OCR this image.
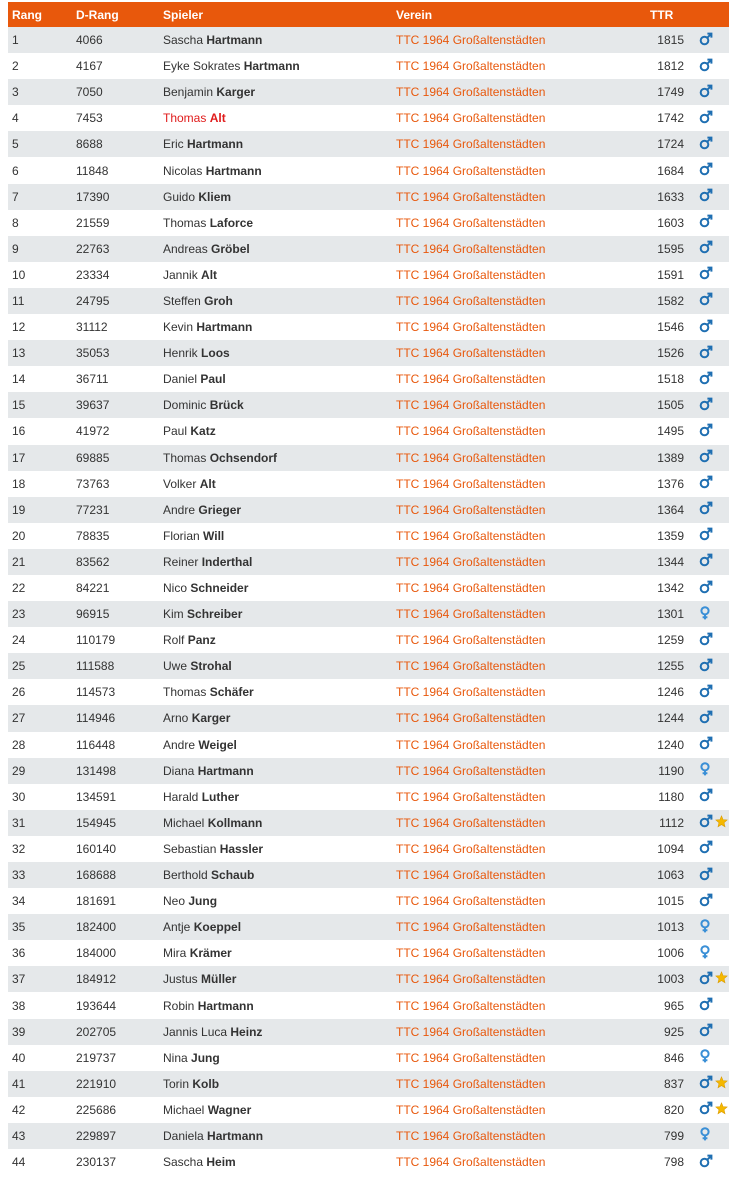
Rang	D-Rang	Spieler	Verein	TTR	
1	4066	Sascha Hartmann	TTC 1964 Großaltenstädten	1815	
2	4167	Eyke Sokrates Hartmann	TTC 1964 Großaltenstädten	1812	
3	7050	Benjamin Karger	TTC 1964 Großaltenstädten	1749	
4	7453	Thomas Alt	TTC 1964 Großaltenstädten	1742	
5	8688	Eric Hartmann	TTC 1964 Großaltenstädten	1724	
6	11848	Nicolas Hartmann	TTC 1964 Großaltenstädten	1684	
7	17390	Guido Kliem	TTC 1964 Großaltenstädten	1633	
8	21559	Thomas Laforce	TTC 1964 Großaltenstädten	1603	
9	22763	Andreas Gröbel	TTC 1964 Großaltenstädten	1595	
10	23334	Jannik Alt	TTC 1964 Großaltenstädten	1591	
11	24795	Steffen Groh	TTC 1964 Großaltenstädten	1582	
12	31112	Kevin Hartmann	TTC 1964 Großaltenstädten	1546	
13	35053	Henrik Loos	TTC 1964 Großaltenstädten	1526	
14	36711	Daniel Paul	TTC 1964 Großaltenstädten	1518	
15	39637	Dominic Brück	TTC 1964 Großaltenstädten	1505	
16	41972	Paul Katz	TTC 1964 Großaltenstädten	1495	
17	69885	Thomas Ochsendorf	TTC 1964 Großaltenstädten	1389	
18	73763	Volker Alt	TTC 1964 Großaltenstädten	1376	
19	77231	Andre Grieger	TTC 1964 Großaltenstädten	1364	
20	78835	Florian Will	TTC 1964 Großaltenstädten	1359	
21	83562	Reiner Inderthal	TTC 1964 Großaltenstädten	1344	
22	84221	Nico Schneider	TTC 1964 Großaltenstädten	1342	
23	96915	Kim Schreiber	TTC 1964 Großaltenstädten	1301	
24	110179	Rolf Panz	TTC 1964 Großaltenstädten	1259	
25	111588	Uwe Strohal	TTC 1964 Großaltenstädten	1255	
26	114573	Thomas Schäfer	TTC 1964 Großaltenstädten	1246	
27	114946	Arno Karger	TTC 1964 Großaltenstädten	1244	
28	116448	Andre Weigel	TTC 1964 Großaltenstädten	1240	
29	131498	Diana Hartmann	TTC 1964 Großaltenstädten	1190	
30	134591	Harald Luther	TTC 1964 Großaltenstädten	1180	
31	154945	Michael Kollmann	TTC 1964 Großaltenstädten	1112	
32	160140	Sebastian Hassler	TTC 1964 Großaltenstädten	1094	
33	168688	Berthold Schaub	TTC 1964 Großaltenstädten	1063	
34	181691	Neo Jung	TTC 1964 Großaltenstädten	1015	
35	182400	Antje Koeppel	TTC 1964 Großaltenstädten	1013	
36	184000	Mira Krämer	TTC 1964 Großaltenstädten	1006	
37	184912	Justus Müller	TTC 1964 Großaltenstädten	1003	
38	193644	Robin Hartmann	TTC 1964 Großaltenstädten	965	
39	202705	Jannis Luca Heinz	TTC 1964 Großaltenstädten	925	
40	219737	Nina Jung	TTC 1964 Großaltenstädten	846	
41	221910	Torin Kolb	TTC 1964 Großaltenstädten	837	
42	225686	Michael Wagner	TTC 1964 Großaltenstädten	820	
43	229897	Daniela Hartmann	TTC 1964 Großaltenstädten	799	
44	230137	Sascha Heim	TTC 1964 Großaltenstädten	798	
